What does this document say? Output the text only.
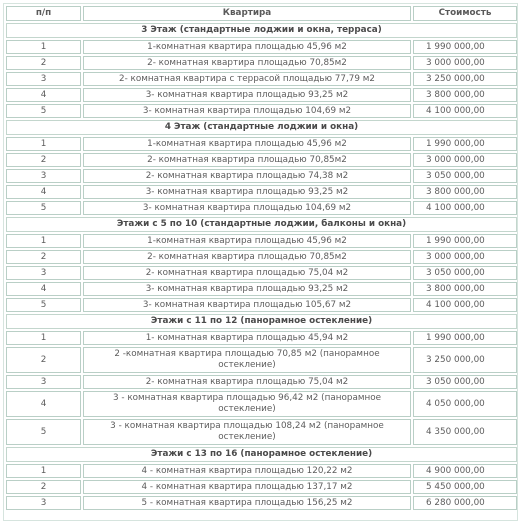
п/п	Квартира	Стоимость
3 Этаж (стандартные лоджии и окна, терраса)		
1	1-комнатная квартира площадью 45,96 м2	1 990 000,00
2	2- комнатная квартира площадью 70,85м2	3 000 000,00
3	2- комнатная квартира с террасой площадью 77,79 м2	3 250 000,00
4	3- комнатная квартира площадью 93,25 м2	3 800 000,00
5	3- комнатная квартира площадью 104,69 м2	4 100 000,00
4 Этаж (стандартные лоджии и окна)		
1	1-комнатная квартира площадью 45,96 м2	1 990 000,00
2	2- комнатная квартира площадью 70,85м2	3 000 000,00
3	2- комнатная квартира площадью 74,38 м2	3 050 000,00
4	3- комнатная квартира площадью 93,25 м2	3 800 000,00
5	3- комнатная квартира площадью 104,69 м2	4 100 000,00
Этажи с 5 по 10 (стандартные лоджии, балконы и окна)		
1	1-комнатная квартира площадью 45,96 м2	1 990 000,00
2	2- комнатная квартира площадью 70,85м2	3 000 000,00
3	2- комнатная квартира площадью 75,04 м2	3 050 000,00
4	3- комнатная квартира площадью 93,25 м2	3 800 000,00
5	3- комнатная квартира площадью 105,67 м2	4 100 000,00
Этажи с 11 по 12 (панорамное остекление)		
1	1- комнатная квартира площадью 45,94 м2	1 990 000,00
2	2 -комнатная квартира площадью 70,85 м2 (панорамное остекление)	3 250 000,00
3	2- комнатная квартира площадью 75,04 м2	3 050 000,00
4	3 - комнатная квартира площадью 96,42 м2 (панорамное остекление)	4 050 000,00
5	3 - комнатная квартира площадью 108,24 м2 (панорамное остекление)	4 350 000,00
Этажи с 13 по 16 (панорамное остекление)		
1	4 - комнатная квартира площадью 120,22 м2	4 900 000,00
2	4 - комнатная квартира площадью 137,17 м2	5 450 000,00
3	5 - комнатная квартира площадью 156,25 м2	6 280 000,00
